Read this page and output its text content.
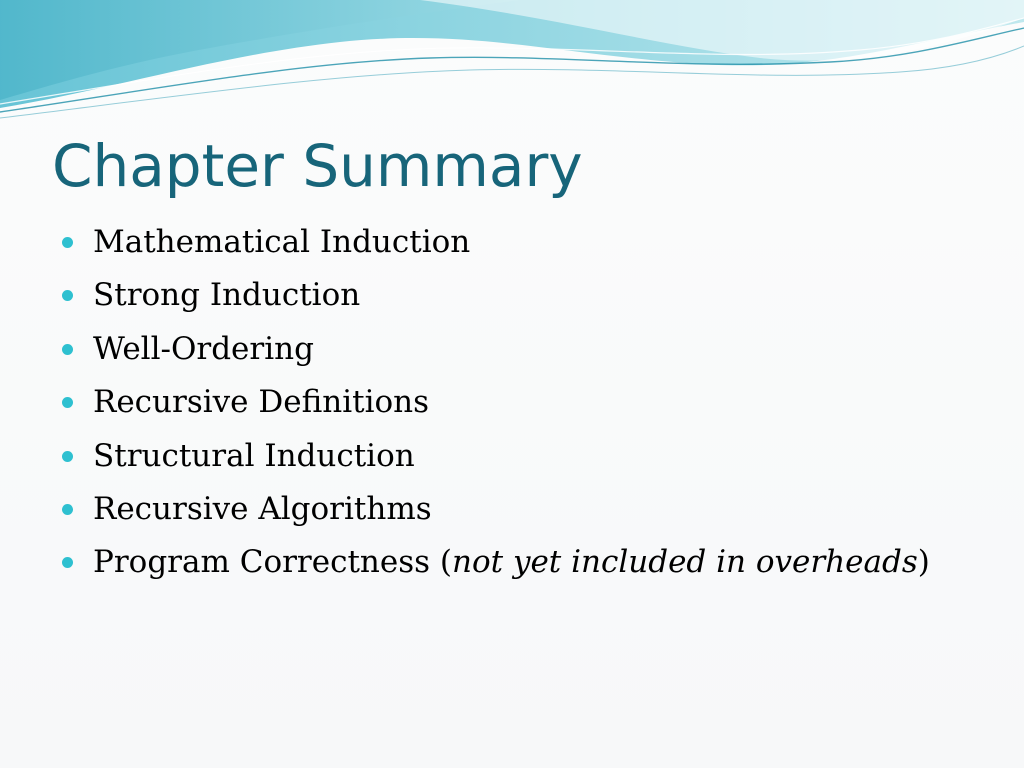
Chapter Summary
Mathematical Induction
Strong Induction
Well-Ordering
Recursive Definitions
Structural Induction
Recursive Algorithms
Program Correctness (not yet included in overheads)
